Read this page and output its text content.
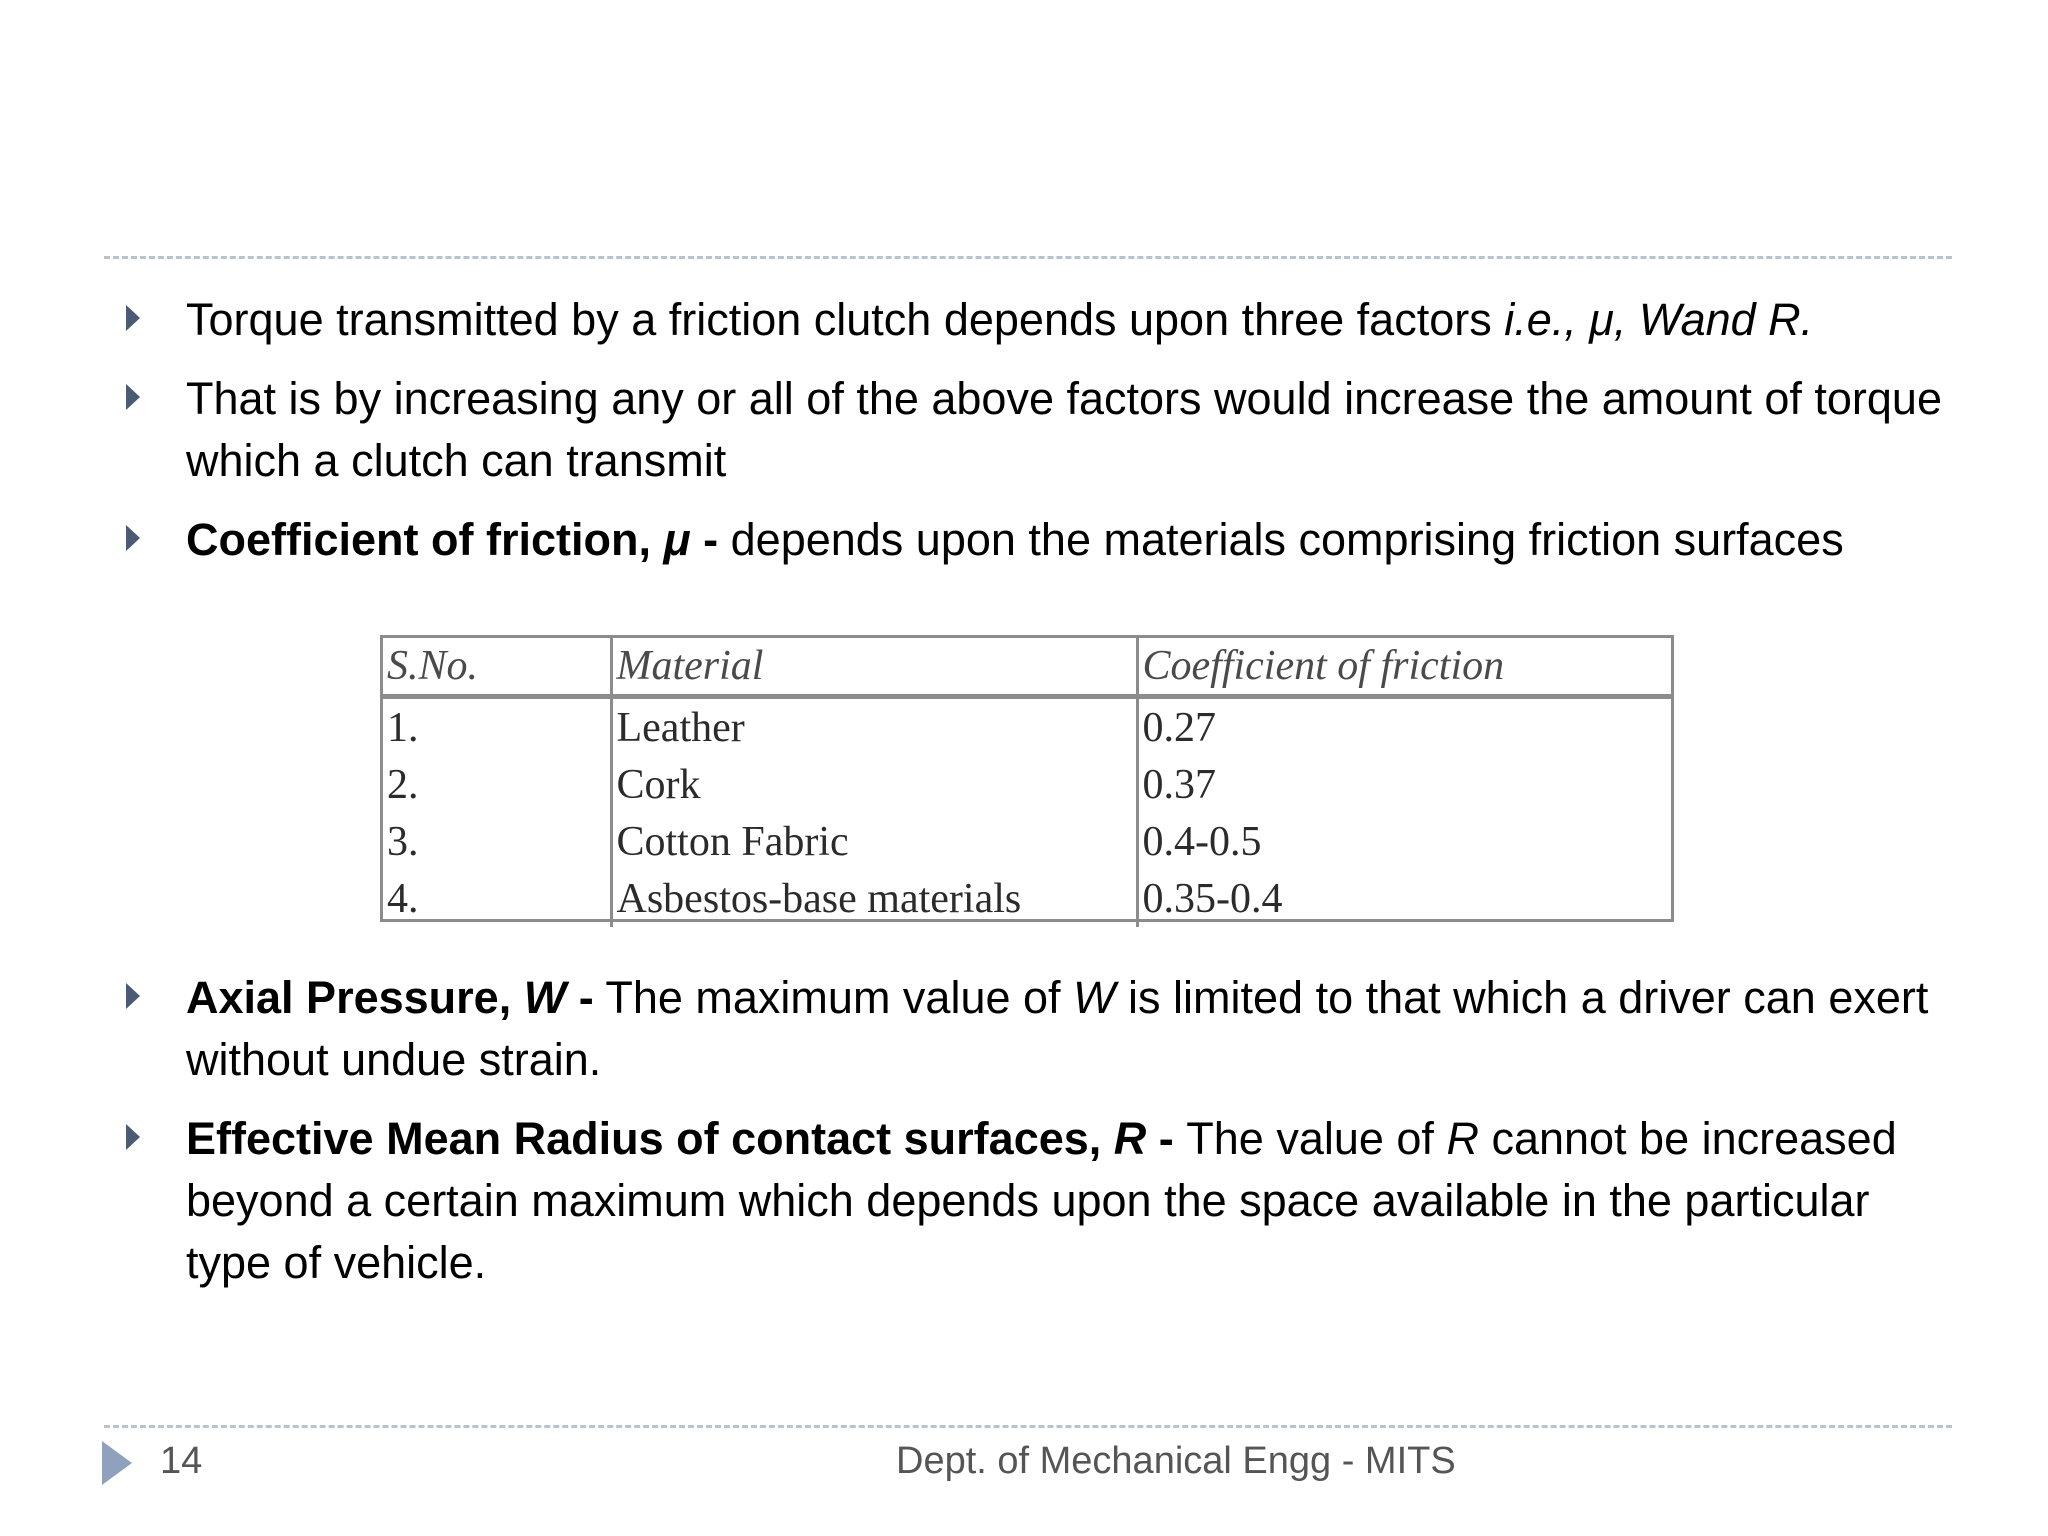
Torque transmitted by a friction clutch depends upon three factors i.e., μ, Wand R.
That is by increasing any or all of the above factors would increase the amount of torque which a clutch can transmit
Coefficient of friction, μ - depends upon the materials comprising friction surfaces
Axial Pressure, W - The maximum value of W is limited to that which a driver can exert without undue strain.
Effective Mean Radius of contact surfaces, R - The value of R cannot be increased beyond a certain maximum which depends upon the space available in the particular type of vehicle.
S.No.	Material	Coefficient of friction
1.	Leather	0.27
2.	Cork	0.37
3.	Cotton Fabric	0.4-0.5
4.	Asbestos-base materials	0.35-0.4
14	Dept. of Mechanical Engg - MITS
